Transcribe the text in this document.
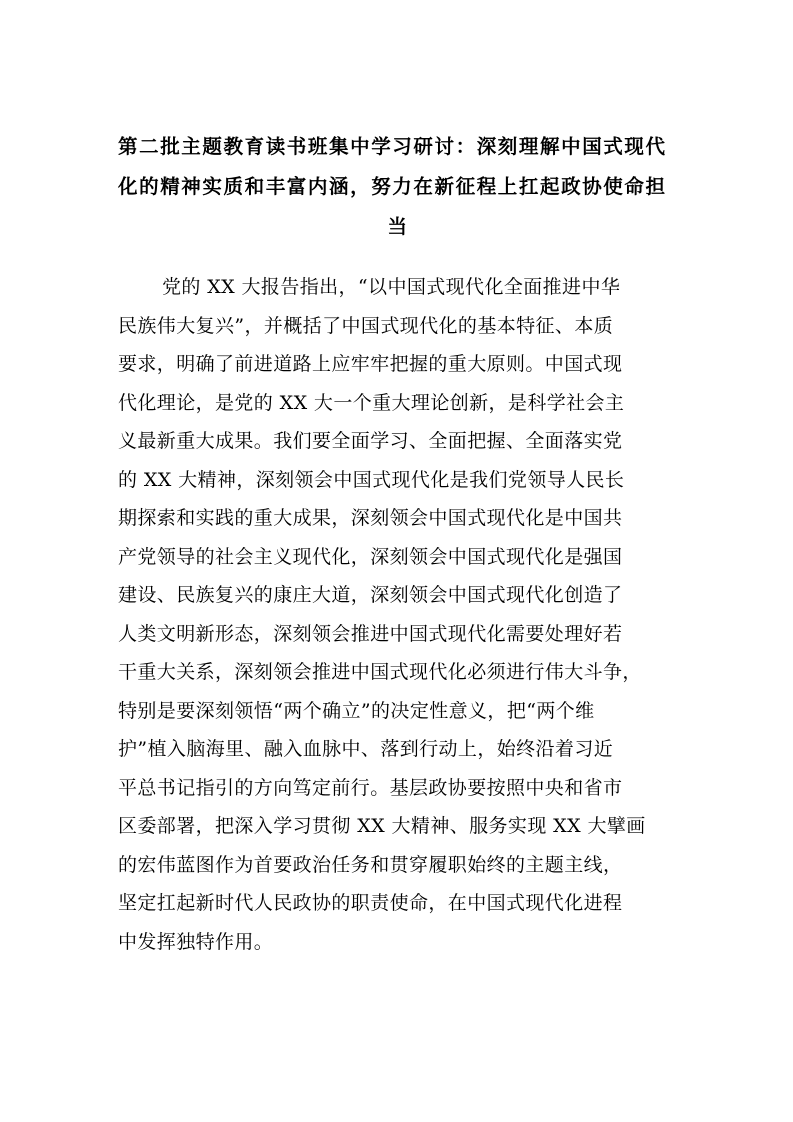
第二批主题教育读书班集中学习研讨：深刻理解中国式现代
化的精神实质和丰富内涵，努力在新征程上扛起政协使命担
当
党的 XX 大报告指出，“以中国式现代化全面推进中华
民族伟大复兴”，并概括了中国式现代化的基本特征、本质
要求，明确了前进道路上应牢牢把握的重大原则。中国式现
代化理论，是党的 XX 大一个重大理论创新，是科学社会主
义最新重大成果。我们要全面学习、全面把握、全面落实党
的 XX 大精神，深刻领会中国式现代化是我们党领导人民长
期探索和实践的重大成果，深刻领会中国式现代化是中国共
产党领导的社会主义现代化，深刻领会中国式现代化是强国
建设、民族复兴的康庄大道，深刻领会中国式现代化创造了
人类文明新形态，深刻领会推进中国式现代化需要处理好若
干重大关系，深刻领会推进中国式现代化必须进行伟大斗争，
特别是要深刻领悟“两个确立”的决定性意义，把“两个维
护”植入脑海里、融入血脉中、落到行动上，始终沿着习近
平总书记指引的方向笃定前行。基层政协要按照中央和省市
区委部署，把深入学习贯彻 XX 大精神、服务实现 XX 大擘画
的宏伟蓝图作为首要政治任务和贯穿履职始终的主题主线，
坚定扛起新时代人民政协的职责使命，在中国式现代化进程
中发挥独特作用。
